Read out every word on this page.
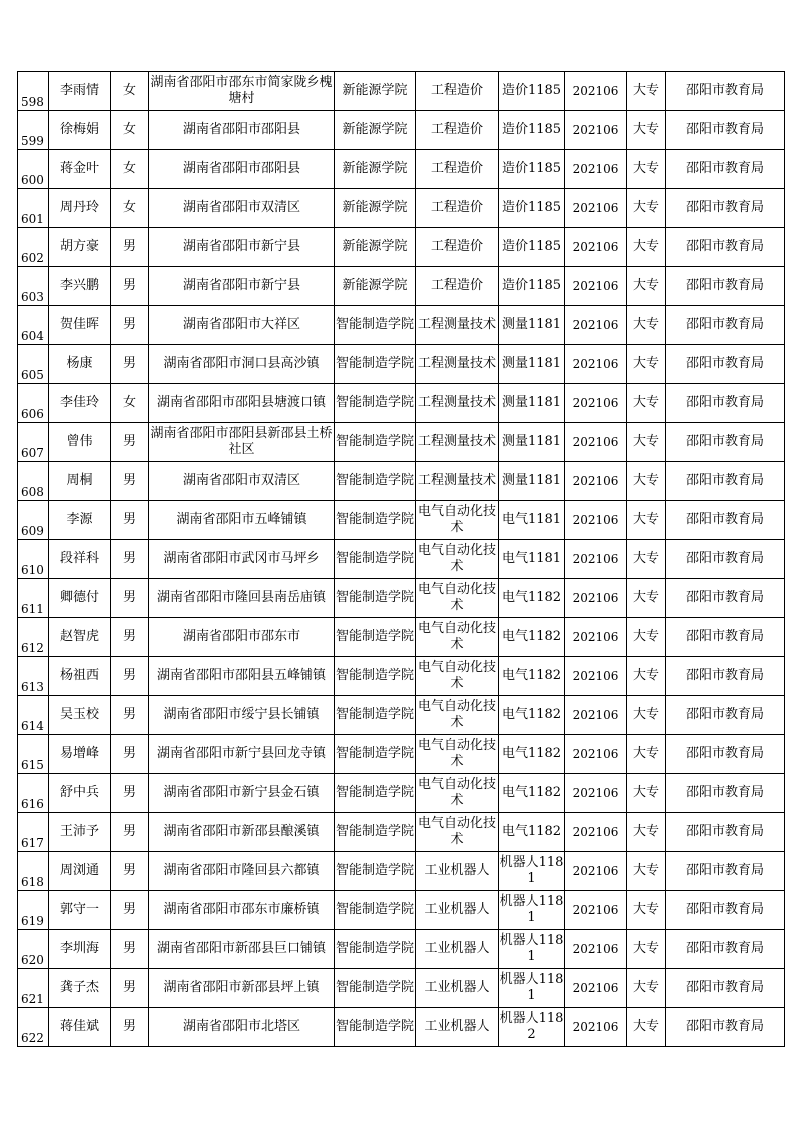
598	李雨情	女	湖南省邵阳市邵东市简家陇乡槐塘村	新能源学院	工程造价	造价1185	202106	大专	邵阳市教育局
599	徐梅娟	女	湖南省邵阳市邵阳县	新能源学院	工程造价	造价1185	202106	大专	邵阳市教育局
600	蒋金叶	女	湖南省邵阳市邵阳县	新能源学院	工程造价	造价1185	202106	大专	邵阳市教育局
601	周丹玲	女	湖南省邵阳市双清区	新能源学院	工程造价	造价1185	202106	大专	邵阳市教育局
602	胡方豪	男	湖南省邵阳市新宁县	新能源学院	工程造价	造价1185	202106	大专	邵阳市教育局
603	李兴鹏	男	湖南省邵阳市新宁县	新能源学院	工程造价	造价1185	202106	大专	邵阳市教育局
604	贺佳晖	男	湖南省邵阳市大祥区	智能制造学院	工程测量技术	测量1181	202106	大专	邵阳市教育局
605	杨康	男	湖南省邵阳市洞口县高沙镇	智能制造学院	工程测量技术	测量1181	202106	大专	邵阳市教育局
606	李佳玲	女	湖南省邵阳市邵阳县塘渡口镇	智能制造学院	工程测量技术	测量1181	202106	大专	邵阳市教育局
607	曾伟	男	湖南省邵阳市邵阳县新邵县土桥社区	智能制造学院	工程测量技术	测量1181	202106	大专	邵阳市教育局
608	周桐	男	湖南省邵阳市双清区	智能制造学院	工程测量技术	测量1181	202106	大专	邵阳市教育局
609	李源	男	湖南省邵阳市五峰铺镇	智能制造学院	电气自动化技术	电气1181	202106	大专	邵阳市教育局
610	段祥科	男	湖南省邵阳市武冈市马坪乡	智能制造学院	电气自动化技术	电气1181	202106	大专	邵阳市教育局
611	卿德付	男	湖南省邵阳市隆回县南岳庙镇	智能制造学院	电气自动化技术	电气1182	202106	大专	邵阳市教育局
612	赵智虎	男	湖南省邵阳市邵东市	智能制造学院	电气自动化技术	电气1182	202106	大专	邵阳市教育局
613	杨祖西	男	湖南省邵阳市邵阳县五峰铺镇	智能制造学院	电气自动化技术	电气1182	202106	大专	邵阳市教育局
614	吴玉校	男	湖南省邵阳市绥宁县长铺镇	智能制造学院	电气自动化技术	电气1182	202106	大专	邵阳市教育局
615	易增峰	男	湖南省邵阳市新宁县回龙寺镇	智能制造学院	电气自动化技术	电气1182	202106	大专	邵阳市教育局
616	舒中兵	男	湖南省邵阳市新宁县金石镇	智能制造学院	电气自动化技术	电气1182	202106	大专	邵阳市教育局
617	王沛予	男	湖南省邵阳市新邵县酿溪镇	智能制造学院	电气自动化技术	电气1182	202106	大专	邵阳市教育局
618	周浏通	男	湖南省邵阳市隆回县六都镇	智能制造学院	工业机器人	机器人1181	202106	大专	邵阳市教育局
619	郭守一	男	湖南省邵阳市邵东市廉桥镇	智能制造学院	工业机器人	机器人1181	202106	大专	邵阳市教育局
620	李圳海	男	湖南省邵阳市新邵县巨口铺镇	智能制造学院	工业机器人	机器人1181	202106	大专	邵阳市教育局
621	龚子杰	男	湖南省邵阳市新邵县坪上镇	智能制造学院	工业机器人	机器人1181	202106	大专	邵阳市教育局
622	蒋佳斌	男	湖南省邵阳市北塔区	智能制造学院	工业机器人	机器人1182	202106	大专	邵阳市教育局
